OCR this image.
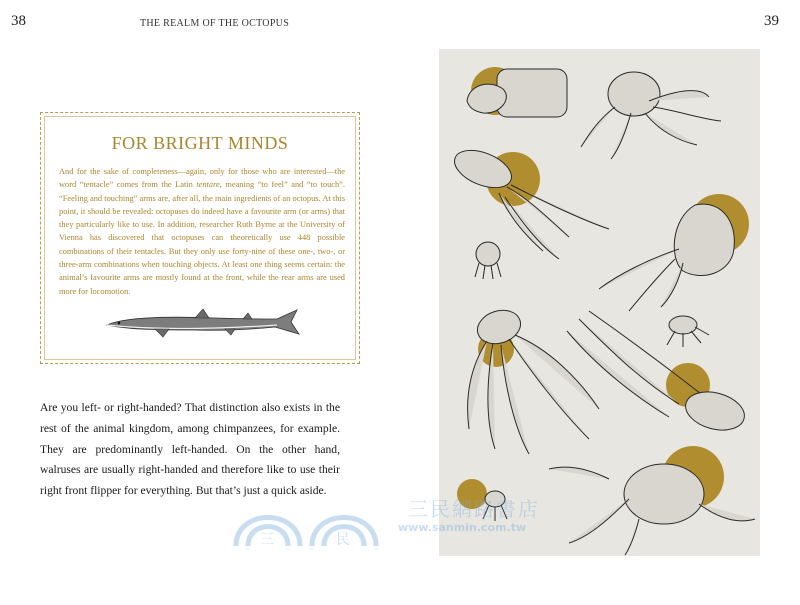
38	THE REALM OF THE OCTOPUS	39
FOR BRIGHT MINDS
And for the sake of completeness—again, only for those who are interested—the word “tentacle” comes from the Latin tentare, meaning “to feel” and “to touch”. “Feeling and touching” arms are, after all, the main ingredients of an octopus. At this point, it should be revealed: octopuses do indeed have a favourite arm (or arms) that they particularly like to use. In addition, researcher Ruth Byrne at the University of Vienna has discovered that octopuses can theoretically use 448 possible combinations of their tentacles. But they only use forty-nine of these one-, two-, or three-arm combinations when touching objects. At least one thing seems certain: the animal’s favourite arms are mostly found at the front, while the rear arms are used more for locomotion.
Are you left- or right-handed? That distinction also exists in the rest of the animal kingdom, among chimpanzees, for example. They are predominantly left-handed. On the other hand, walruses are usually right-handed and therefore like to use their right front flipper for everything. But that’s just a quick aside.
三	民
三民網路書店
www.sanmin.com.tw
